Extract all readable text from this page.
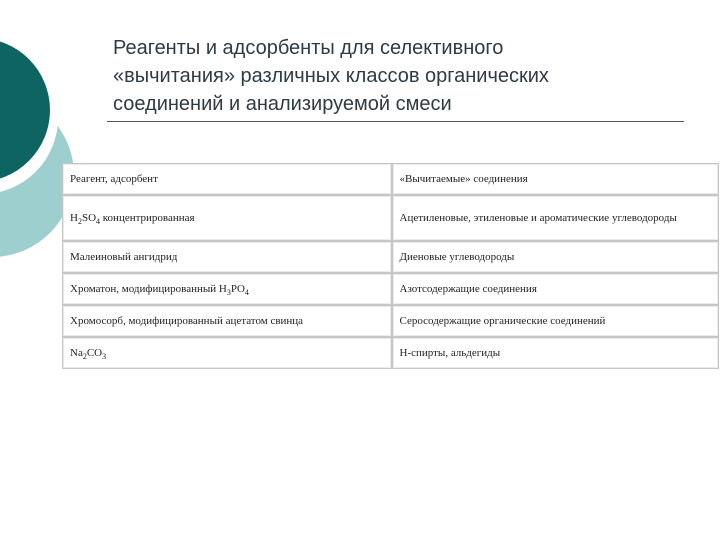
Реагенты и адсорбенты для селективного
«вычитания» различных классов органических
соединений и анализируемой смеси
Реагент, адсорбент	«Вычитаемые» соединения
$H_2SO_4$ концентрированная	Ацетиленовые, этиленовые и ароматические углеводороды
Малеиновый ангидрид	Диеновые углеводороды
Хроматон, модифицированный $H_3PO_4$	Азотсодержащие соединения
Хромосорб, модифицированный ацетатом свинца	Серосодержащие органические соединений
$Na_2CO_3$	Н-спирты, альдегиды
